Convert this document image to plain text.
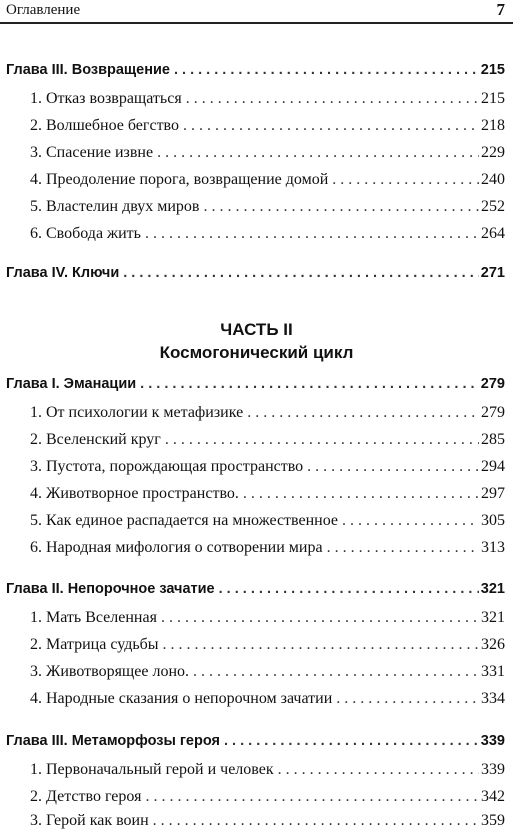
Оглавление	7
Глава III. Возвращение . . .	215
1. Отказ возвращаться . . .	215
2. Волшебное бегство . . .	218
3. Спасение извне . . .	229
4. Преодоление порога, возвращение домой . . .	240
5. Властелин двух миров . . .	252
6. Свобода жить . . .	264
Глава IV. Ключи . . .	271
ЧАСТЬ II
Космогонический цикл
Глава I. Эманации . . .	279
1. От психологии к метафизике . . .	279
2. Вселенский круг . . .	285
3. Пустота, порождающая пространство . . .	294
4. Животворное пространство. . . .	297
5. Как единое распадается на множественное . . .	305
6. Народная мифология о сотворении мира . . .	313
Глава II. Непорочное зачатие . . .	321
1. Мать Вселенная . . .	321
2. Матрица судьбы . . .	326
3. Животворящее лоно. . . .	331
4. Народные сказания о непорочном зачатии . . .	334
Глава III. Метаморфозы героя . . .	339
1. Первоначальный герой и человек . . .	339
2. Детство героя . . .	342
3. Герой как воин . . .	359
